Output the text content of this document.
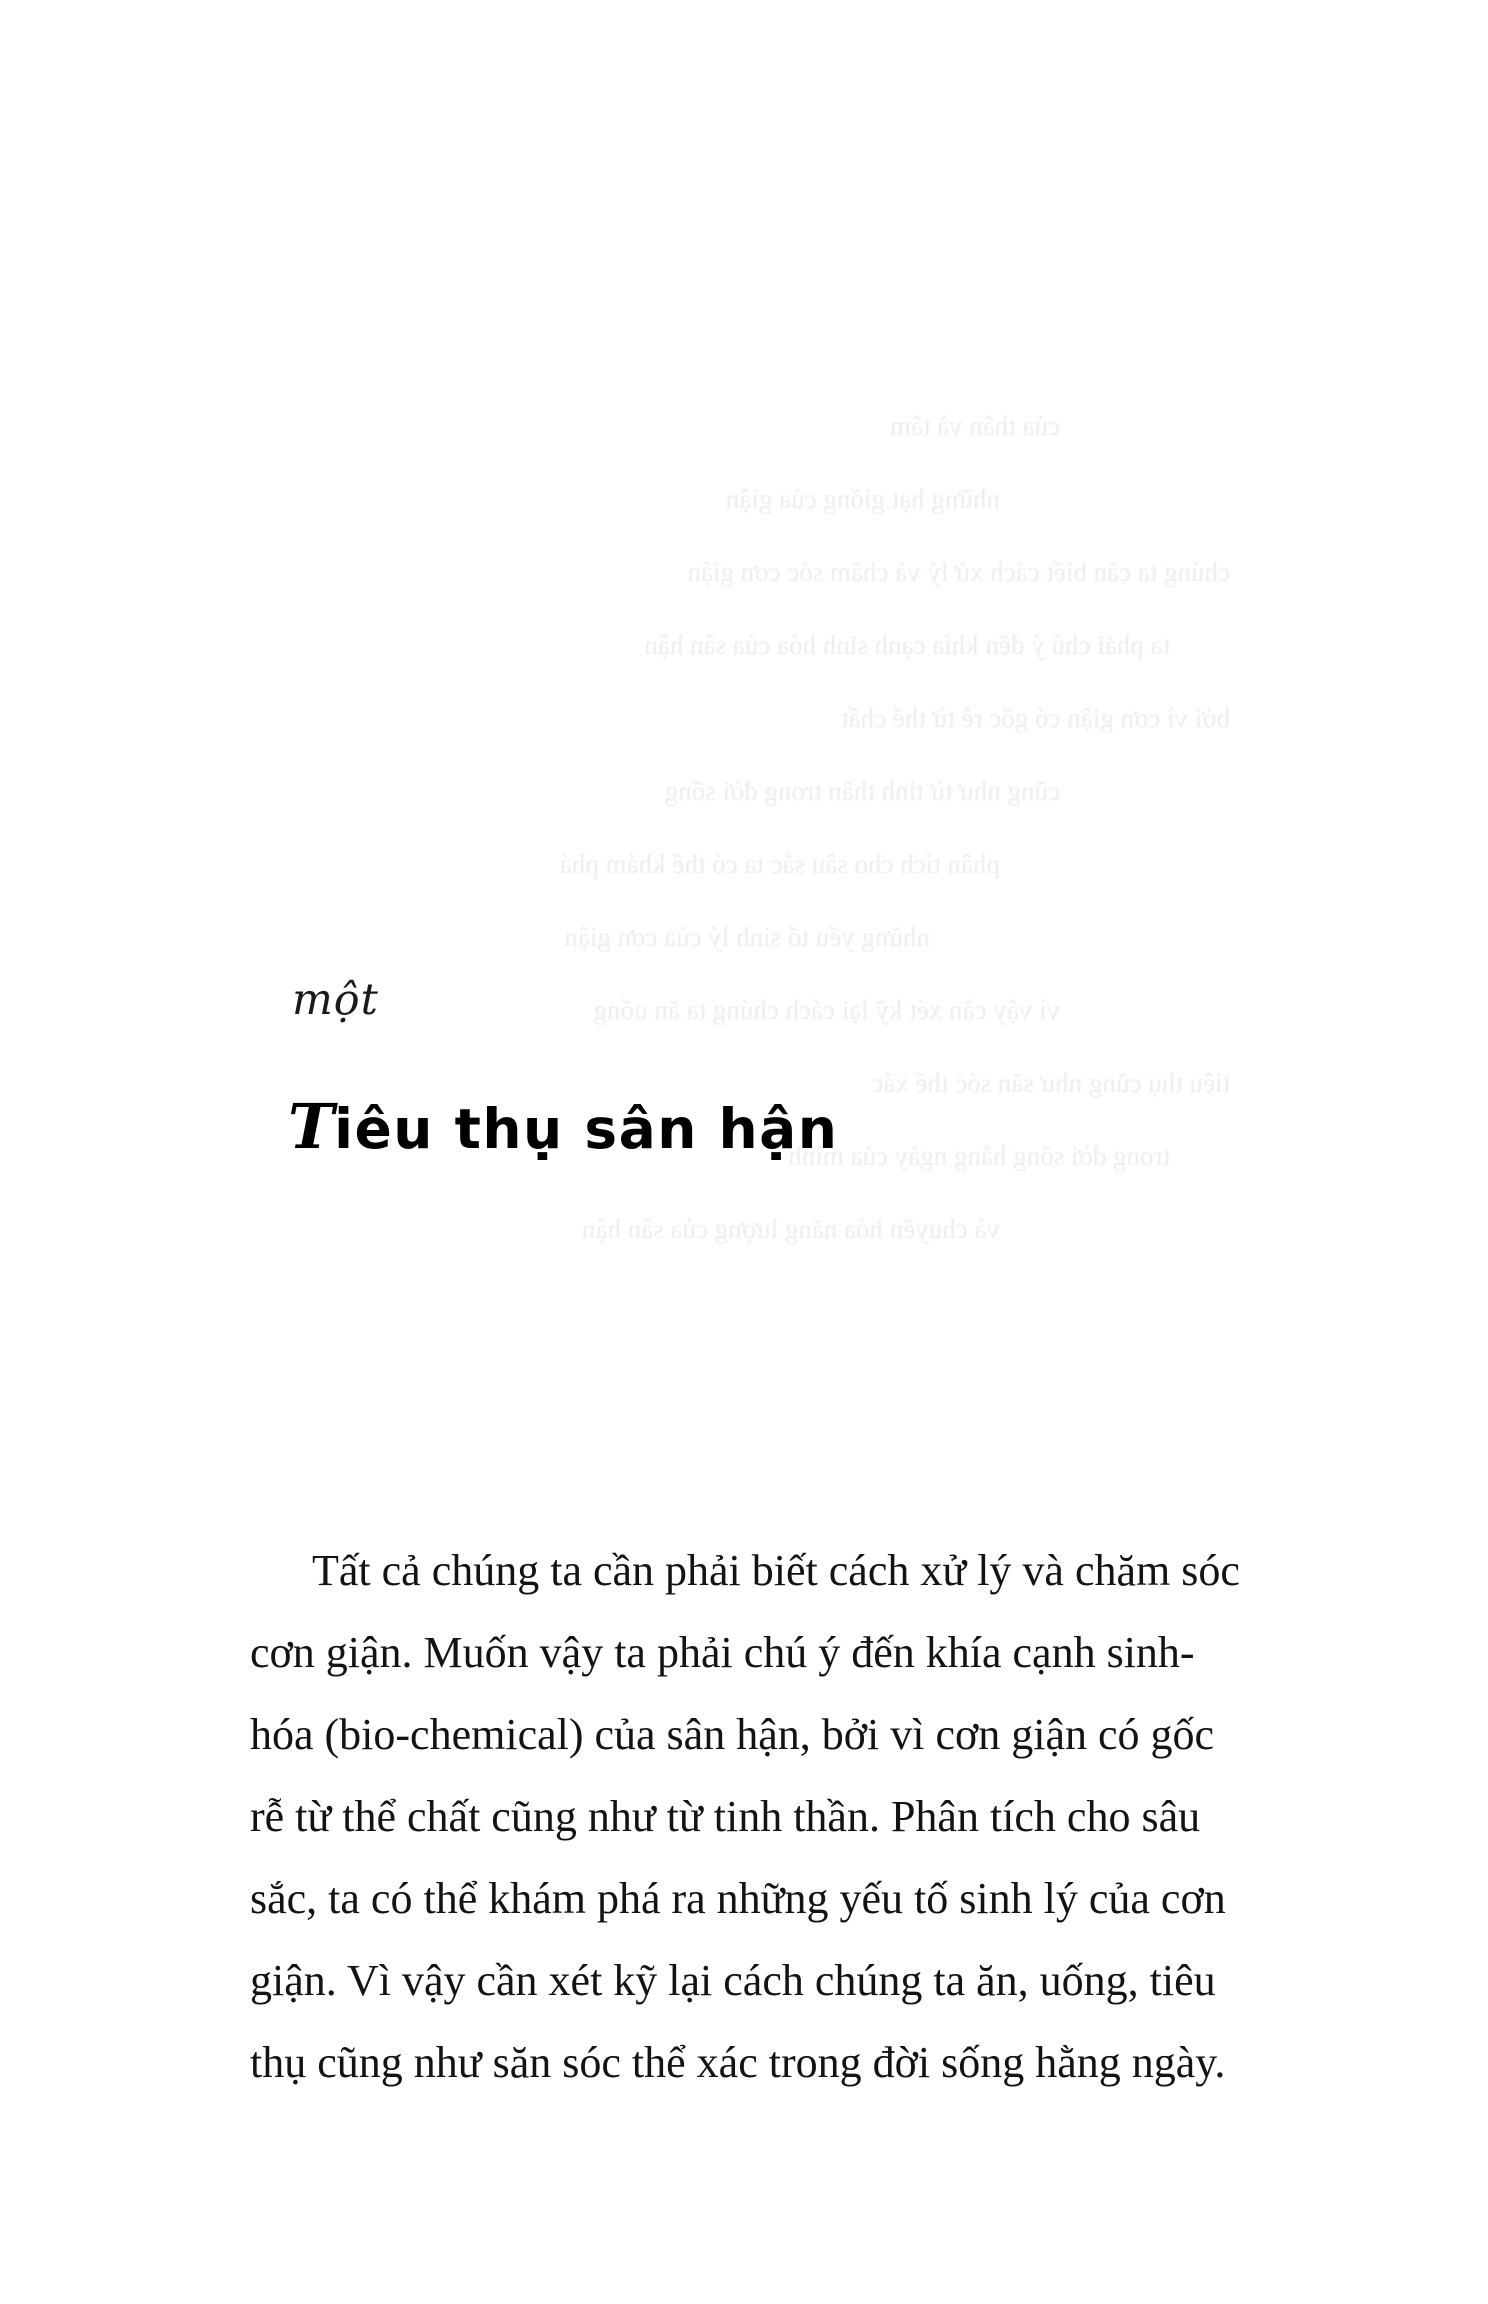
của thân và tâm
những hạt giống của giận
chúng ta cần biết cách xử lý và chăm sóc cơn giận
ta phải chú ý đến khía cạnh sinh hóa của sân hận
bởi vì cơn giận có gốc rễ từ thể chất
cũng như từ tinh thần trong đời sống
phân tích cho sâu sắc ta có thể khám phá
những yếu tố sinh lý của cơn giận
vì vậy cần xét kỹ lại cách chúng ta ăn uống
tiêu thụ cũng như săn sóc thể xác
trong đời sống hằng ngày của mình
và chuyển hóa năng lượng của sân hận
một
Tiêu thụ sân hận

Tất cả chúng ta cần phải biết cách xử lý và chăm sóc cơn giận. Muốn vậy ta phải chú ý đến khía cạnh sinh-hóa (bio-chemical) của sân hận, bởi vì cơn giận có gốc rễ từ thể chất cũng như từ tinh thần. Phân tích cho sâu sắc, ta có thể khám phá ra những yếu tố sinh lý của cơn giận. Vì vậy cần xét kỹ lại cách chúng ta ăn, uống, tiêu thụ cũng như săn sóc thể xác trong đời sống hằng ngày.
